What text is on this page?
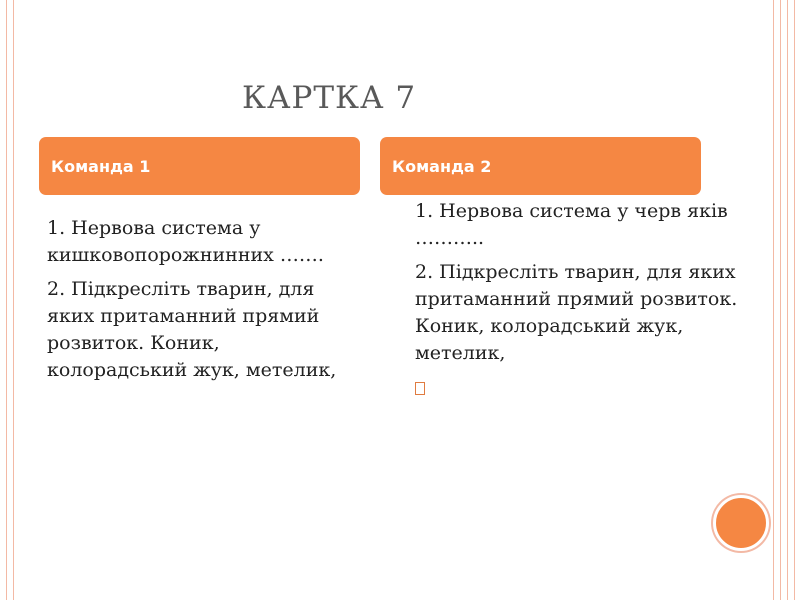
КАРТКА 7
Команда 1	Команда 2

1. Нервова система у кишковопорожнинних …….

2. Підкресліть тварин, для яких притаманний прямий розвиток. Коник, колорадський жук, метелик,

1. Нервова система у черв яків ………..

2. Підкресліть тварин, для яких притаманний прямий розвиток. Коник, колорадський жук, метелик,
